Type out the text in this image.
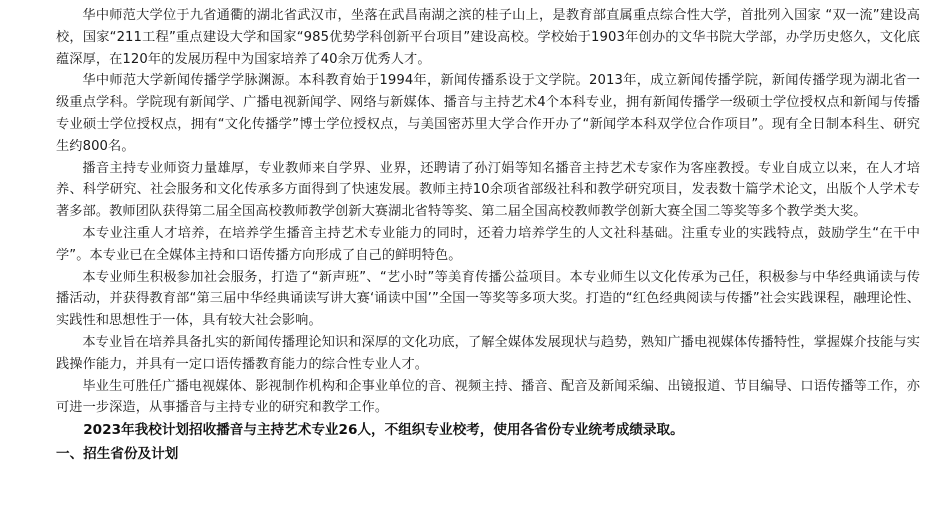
华中师范大学位于九省通衢的湖北省武汉市，坐落在武昌南湖之滨的桂子山上，是教育部直属重点综合性大学，首批列入国家 “双一流”建设高校，国家“211工程”重点建设大学和国家“985优势学科创新平台项目”建设高校。学校始于1903年创办的文华书院大学部，办学历史悠久，文化底蕴深厚，在120年的发展历程中为国家培养了40余万优秀人才。

华中师范大学新闻传播学学脉渊源。本科教育始于1994年，新闻传播系设于文学院。2013年，成立新闻传播学院，新闻传播学现为湖北省一级重点学科。学院现有新闻学、广播电视新闻学、网络与新媒体、播音与主持艺术4个本科专业，拥有新闻传播学一级硕士学位授权点和新闻与传播专业硕士学位授权点，拥有“文化传播学”博士学位授权点，与美国密苏里大学合作开办了“新闻学本科双学位合作项目”。现有全日制本科生、研究生约800名。

播音主持专业师资力量雄厚，专业教师来自学界、业界，还聘请了孙汀娟等知名播音主持艺术专家作为客座教授。专业自成立以来，在人才培养、科学研究、社会服务和文化传承多方面得到了快速发展。教师主持10余项省部级社科和教学研究项目，发表数十篇学术论文，出版个人学术专著多部。教师团队获得第二届全国高校教师教学创新大赛湖北省特等奖、第二届全国高校教师教学创新大赛全国二等奖等多个教学类大奖。

本专业注重人才培养，在培养学生播音主持艺术专业能力的同时，还着力培养学生的人文社科基础。注重专业的实践特点，鼓励学生“在干中学”。本专业已在全媒体主持和口语传播方向形成了自己的鲜明特色。

本专业师生积极参加社会服务，打造了“新声班”、“艺小时”等美育传播公益项目。本专业师生以文化传承为己任，积极参与中华经典诵读与传播活动，并获得教育部“第三届中华经典诵读写讲大赛‘诵读中国’”全国一等奖等多项大奖。打造的“红色经典阅读与传播”社会实践课程，融理论性、实践性和思想性于一体，具有较大社会影响。

本专业旨在培养具备扎实的新闻传播理论知识和深厚的文化功底，了解全媒体发展现状与趋势，熟知广播电视媒体传播特性，掌握媒介技能与实践操作能力，并具有一定口语传播教育能力的综合性专业人才。

毕业生可胜任广播电视媒体、影视制作机构和企事业单位的音、视频主持、播音、配音及新闻采编、出镜报道、节目编导、口语传播等工作，亦可进一步深造，从事播音与主持专业的研究和教学工作。

2023年我校计划招收播音与主持艺术专业26人，不组织专业校考，使用各省份专业统考成绩录取。

一、招生省份及计划
